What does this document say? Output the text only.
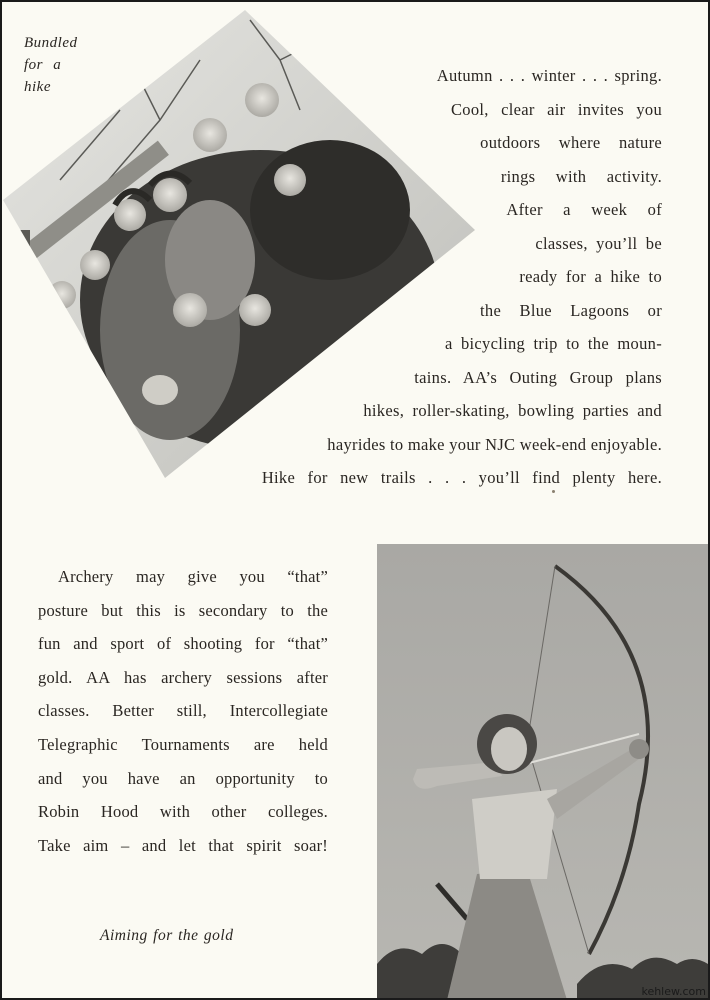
Bundled
for a
hike
Autumn . . . winter . . . spring.
Cool, clear air invites you
outdoors where nature
rings with activity.
After a week of
classes, you’ll be
ready for a hike to
the Blue Lagoons or
a bicycling trip to the moun-
tains. AA’s Outing Group plans
hikes, roller-skating, bowling parties and
hayrides to make your NJC week-end enjoyable.
Hike for new trails . . . you’ll find plenty here.
Archery may give you “that”
posture but this is secondary to the
fun and sport of shooting for “that”
gold. AA has archery sessions after
classes. Better still, Intercollegiate
Telegraphic Tournaments are held
and you have an opportunity to
Robin Hood with other colleges.
Take aim – and let that spirit soar!
Aiming for the gold
kehlew.com
